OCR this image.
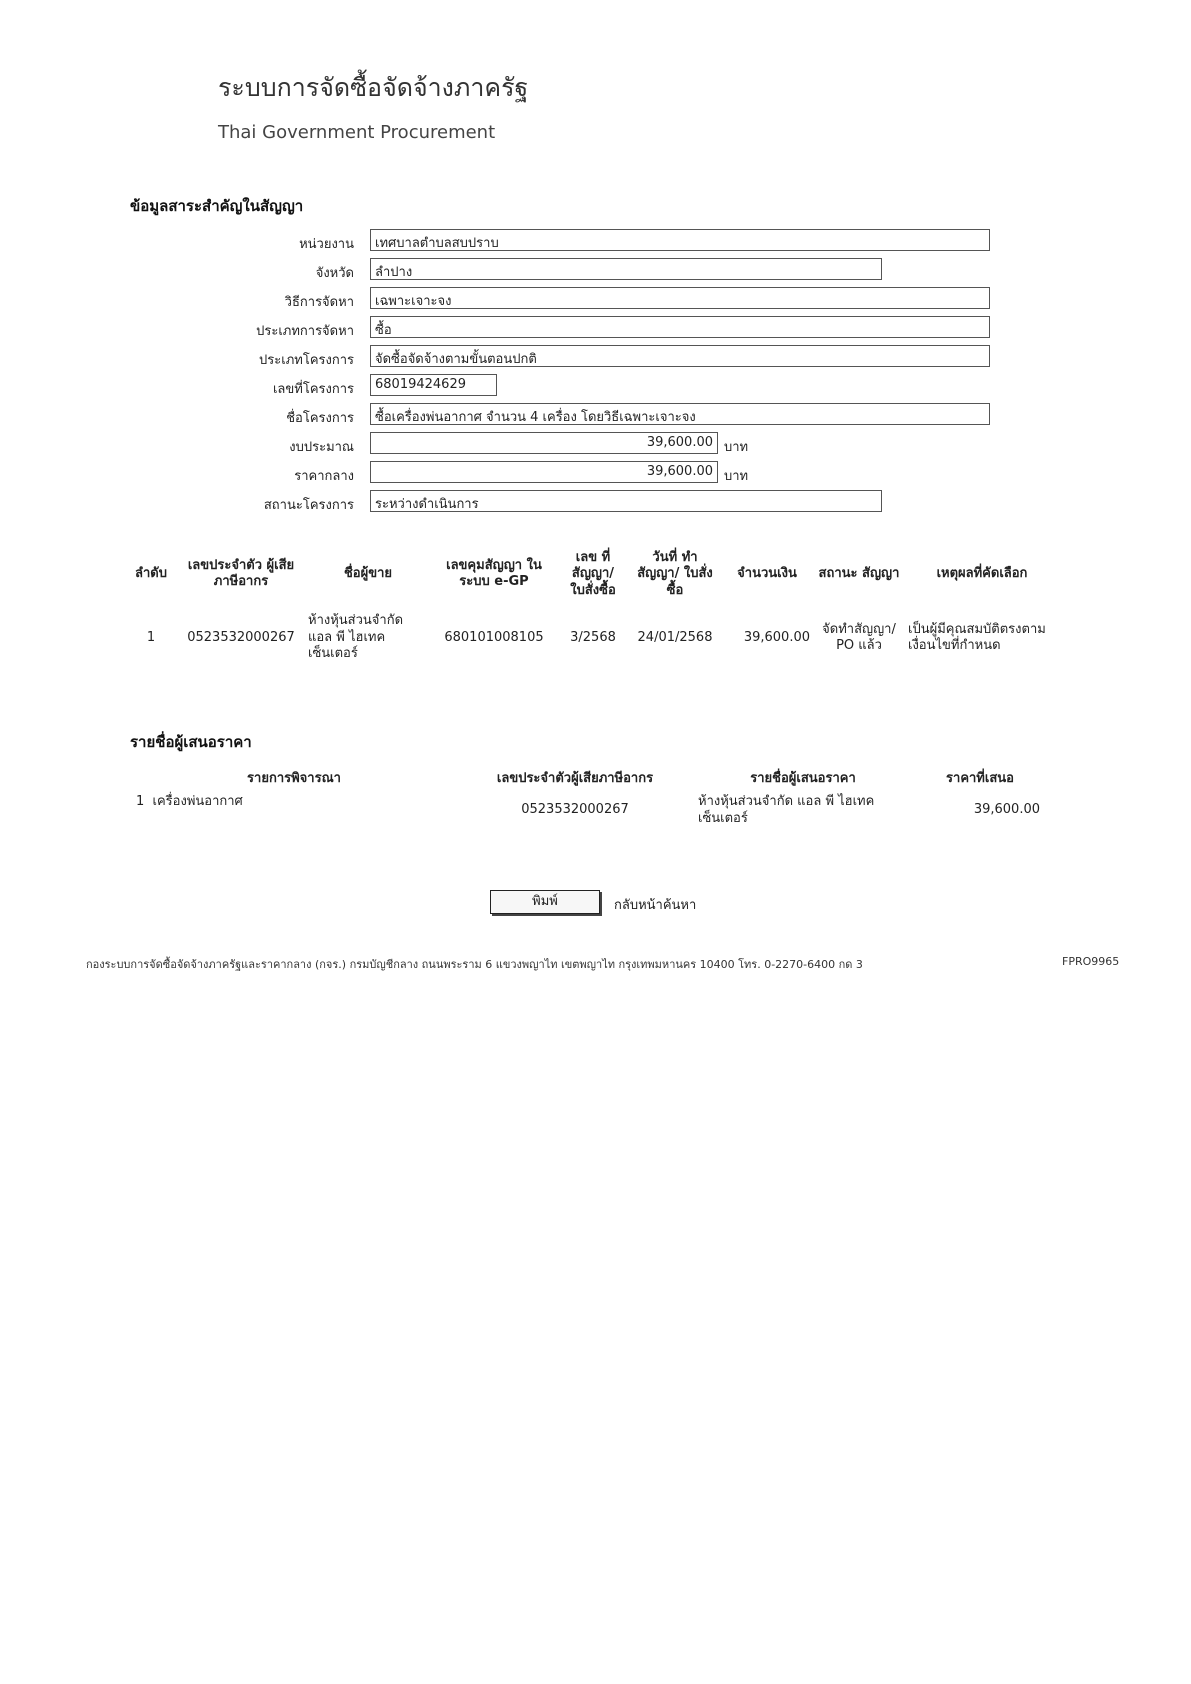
ระบบการจัดซื้อจัดจ้างภาครัฐ
Thai Government Procurement
ข้อมูลสาระสำคัญในสัญญา
หน่วยงาน	เทศบาลตำบลสบปราบ
จังหวัด	ลำปาง
วิธีการจัดหา	เฉพาะเจาะจง
ประเภทการจัดหา	ซื้อ
ประเภทโครงการ	จัดซื้อจัดจ้างตามขั้นตอนปกติ
เลขที่โครงการ	68019424629
ชื่อโครงการ	ซื้อเครื่องพ่นอากาศ จำนวน 4 เครื่อง โดยวิธีเฉพาะเจาะจง
งบประมาณ	39,600.00 บาท
ราคากลาง	39,600.00 บาท
สถานะโครงการ	ระหว่างดำเนินการ
ลำดับ	เลขประจำตัว ผู้เสียภาษีอากร	ชื่อผู้ขาย	เลขคุมสัญญา ในระบบ e-GP	เลข ที่สัญญา/ ใบสั่งซื้อ	วันที่ ทำสัญญา/ ใบสั่งซื้อ	จำนวนเงิน	สถานะ สัญญา	เหตุผลที่คัดเลือก
1	0523532000267	ห้างหุ้นส่วนจำกัด แอล พี ไฮเทค เซ็นเตอร์	680101008105	3/2568	24/01/2568	39,600.00	จัดทำสัญญา/ PO แล้ว	เป็นผู้มีคุณสมบัติตรงตาม เงื่อนไขที่กำหนด
รายชื่อผู้เสนอราคา
รายการพิจารณา	เลขประจำตัวผู้เสียภาษีอากร	รายชื่อผู้เสนอราคา	ราคาที่เสนอ
1 เครื่องพ่นอากาศ	0523532000267	ห้างหุ้นส่วนจำกัด แอล พี ไฮเทค เซ็นเตอร์	39,600.00
พิมพ์	กลับหน้าค้นหา
กองระบบการจัดซื้อจัดจ้างภาครัฐและราคากลาง (กจร.) กรมบัญชีกลาง ถนนพระราม 6 แขวงพญาไท เขตพญาไท กรุงเทพมหานคร 10400 โทร. 0-2270-6400 กด 3	FPRO9965
